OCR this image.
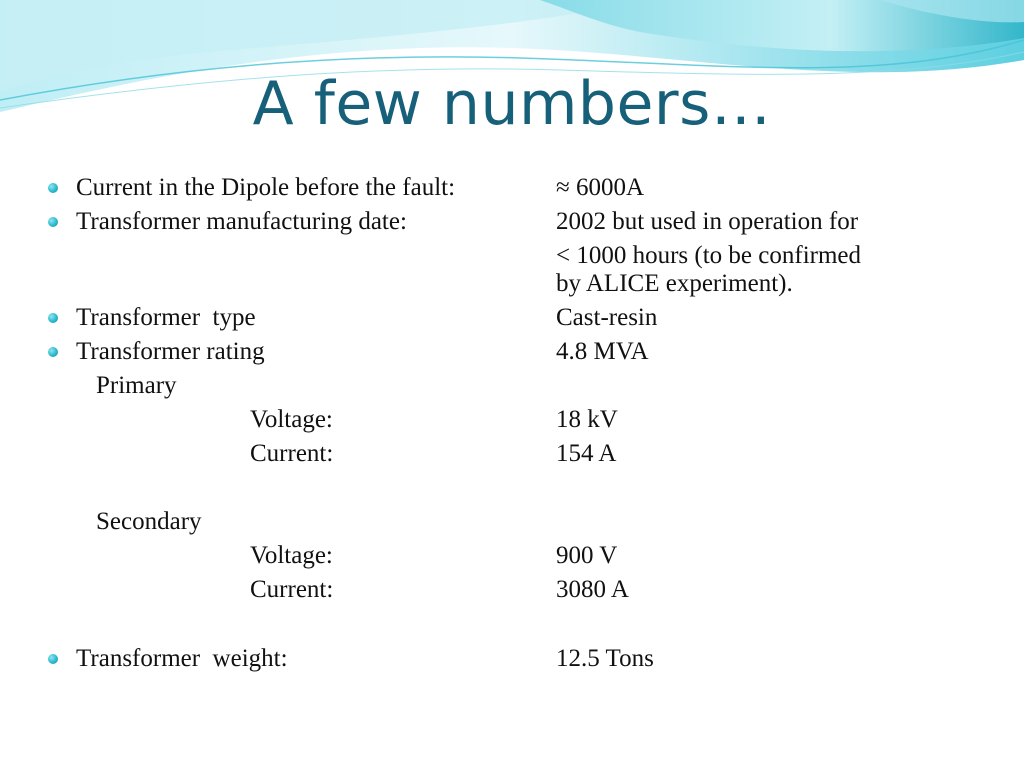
A few numbers…
Current in the Dipole before the fault:	≈ 6000A
Transformer manufacturing date:	2002 but used in operation for
< 1000 hours (to be confirmed
by ALICE experiment).
Transformer  type	Cast-resin
Transformer rating	4.8 MVA
Primary
Voltage:	18 kV
Current:	154 A
Secondary
Voltage:	900 V
Current:	3080 A
Transformer  weight:	12.5 Tons
